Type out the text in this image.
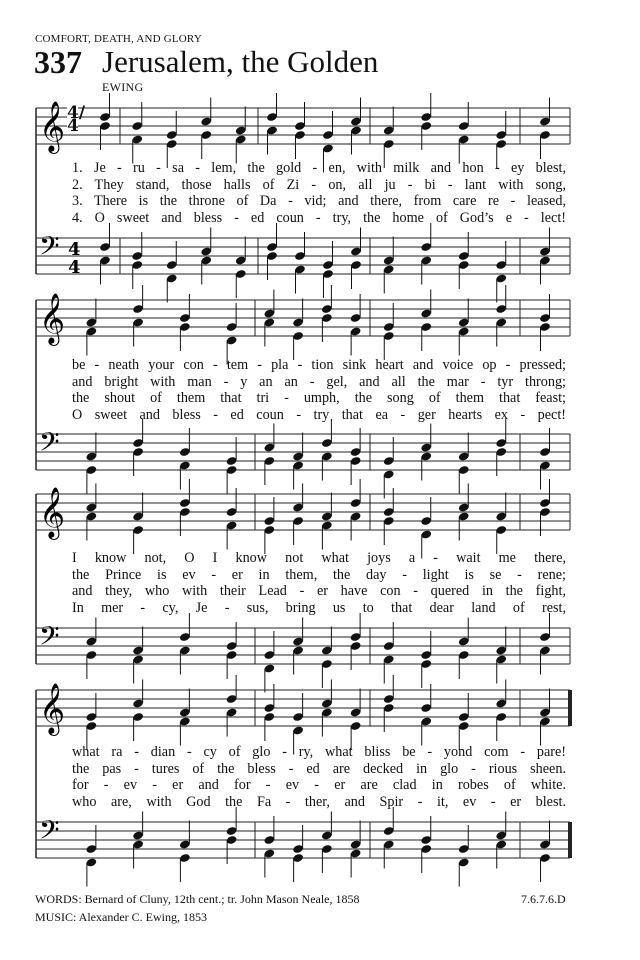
COMFORT, DEATH, AND GLORY
337 Jerusalem, the Golden
EWING
𝄞
𝄢 4
4
𝄞
𝄢
𝄞
𝄢
𝄞
𝄢
4/4
1. Je - ru - sa - lem, the gold - en, with milk and hon - ey blest,
2. They stand, those halls of Zi - on, all ju - bi - lant with song,
3. There is the throne of Da - vid; and there, from care re - leased,
4. O sweet and bless - ed coun - try, the home of God’s e - lect!
be - neath your con - tem - pla - tion sink heart and voice op - pressed;
and bright with man - y an an - gel, and all the mar - tyr throng;
the shout of them that tri - umph, the song of them that feast;
O sweet and bless - ed coun - try that ea - ger hearts ex - pect!
I know not, O I know not what joys a - wait me there,
the Prince is ev - er in them, the day - light is se - rene;
and they, who with their Lead - er have con - quered in the fight,
In mer - cy, Je - sus, bring us to that dear land of rest,
what ra - dian - cy of glo - ry, what bliss be - yond com - pare!
the pas - tures of the bless - ed are decked in glo - rious sheen.
for - ev - er and for - ev - er are clad in robes of white.
who are, with God the Fa - ther, and Spir - it, ev - er blest.
WORDS: Bernard of Cluny, 12th cent.; tr. John Mason Neale, 1858
MUSIC: Alexander C. Ewing, 1853
7.6.7.6.D
